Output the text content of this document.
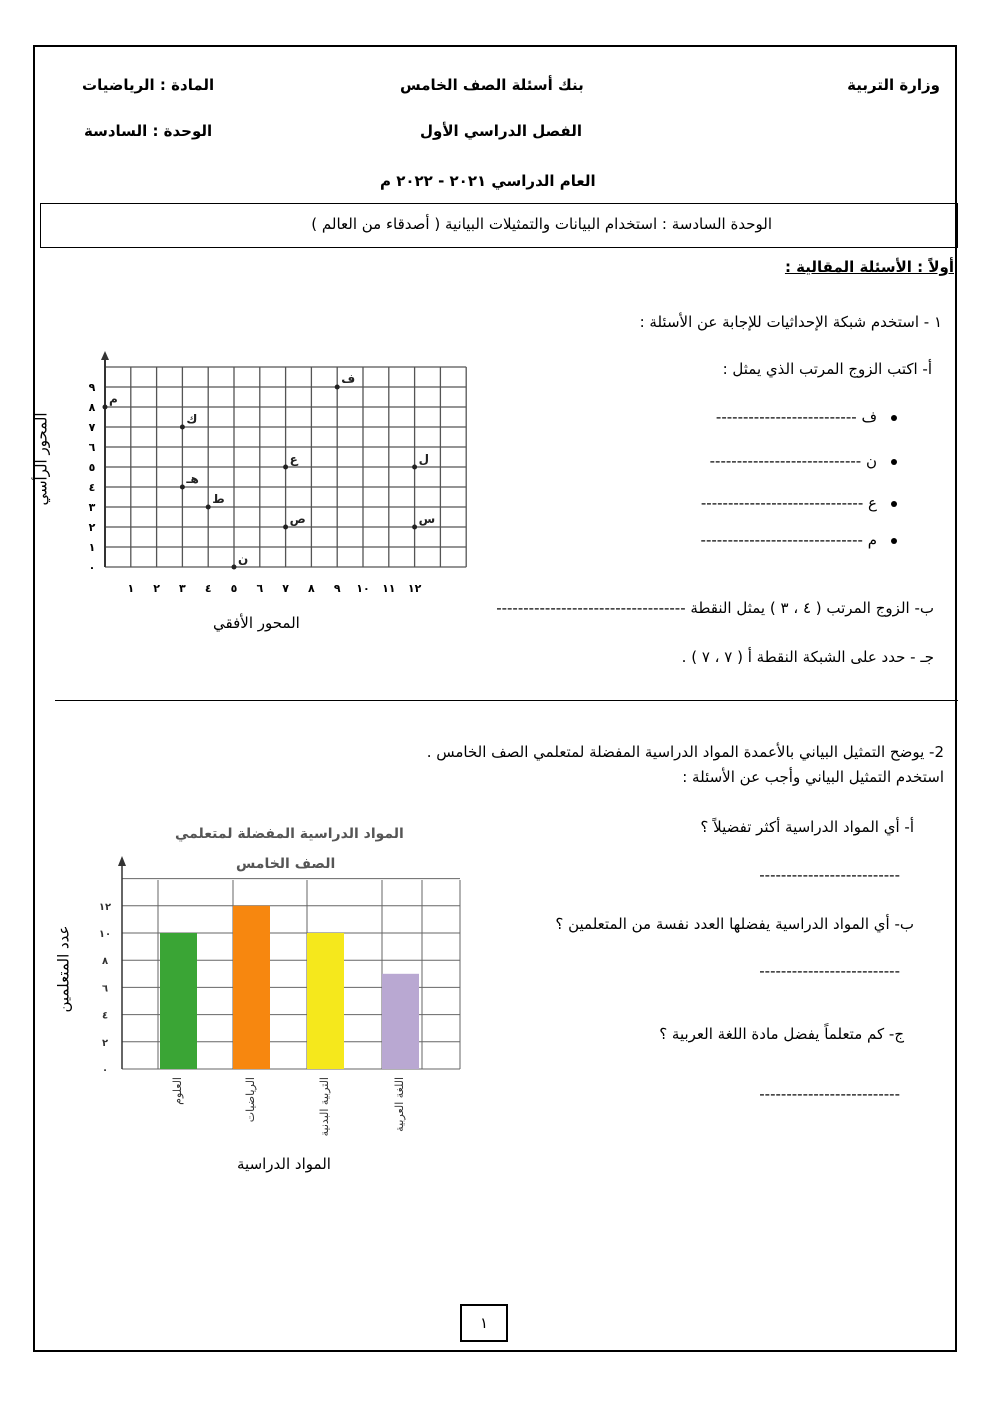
وزارة التربية
بنك أسئلة الصف الخامس
المادة : الرياضيات
الفصل الدراسي الأول
الوحدة : السادسة
العام الدراسي ٢٠٢١ - ٢٠٢٢ م
الوحدة السادسة : استخدام البيانات والتمثيلات البيانية ( أصدقاء من العالم )
أولاً : الأسئلة المقالية :
١ - استخدم شبكة الإحداثيات للإجابة عن الأسئلة :
أ- اكتب الزوج المرتب الذي يمثل :
ف --------------------------
ن ----------------------------
ع ------------------------------
م ------------------------------
ب- الزوج المرتب ( ٤ ، ٣ ) يمثل النقطة -----------------------------------
جـ - حدد على الشبكة النقطة أ ( ٧ ، ٧ ) .
١ ٢ ٣ ٤ ٥ ٦ ٧ ٨ ٩ ١٠ ١١ ١٢
٠
١
٢
٣
٤
٥
٦
٧
٨
٩
م
ك
ف
ع	ل
هـ
ط
ص	س
ن
المحور الأفقي
المحور الرأسي
2- يوضح التمثيل البياني بالأعمدة المواد الدراسية المفضلة لمتعلمي الصف الخامس .
استخدم التمثيل البياني وأجب عن الأسئلة :
أ- أي المواد الدراسية أكثر تفضيلاً ؟
--------------------------
ب- أي المواد الدراسية يفضلها العدد نفسة من المتعلمين ؟
--------------------------
ج- كم متعلماً يفضل مادة اللغة العربية ؟
--------------------------
٠
٢
٤
٦
٨
١٠
١٢
العلوم	الرياضيات	التربية البدنية	اللغة العربية
المواد الدراسية المفضلة لمتعلمي
الصف الخامس
المواد الدراسية
عدد المتعلمين
١
